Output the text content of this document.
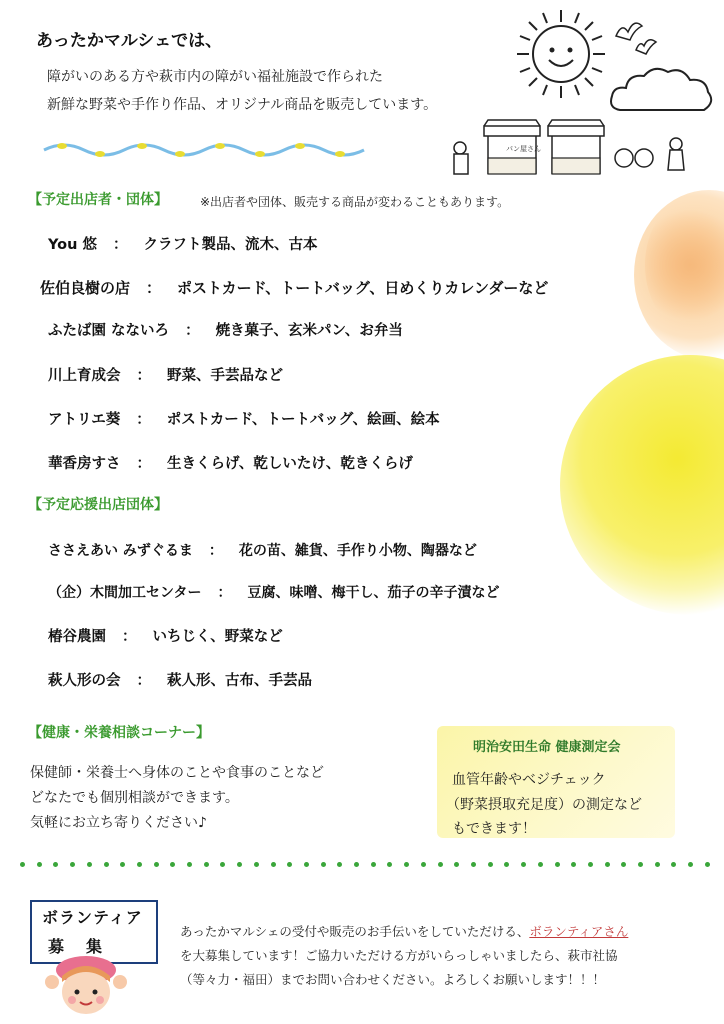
あったかマルシェでは、
障がいのある方や萩市内の障がい福祉施設で作られた
新鮮な野菜や手作り作品、オリジナル商品を販売しています。
パン屋さん
【予定出店者・団体】	※出店者や団体、販売する商品が変わることもあります。
You 悠 ： クラフト製品、流木、古本
佐伯良樹の店 ： ポストカード、トートバッグ、日めくりカレンダーなど
ふたば園 なないろ ： 焼き菓子、玄米パン、お弁当
川上育成会 ： 野菜、手芸品など
アトリエ葵 ： ポストカード、トートバッグ、絵画、絵本
華香房すさ ： 生きくらげ、乾しいたけ、乾きくらげ
【予定応援出店団体】
ささえあい みずぐるま ： 花の苗、雑貨、手作り小物、陶器など
（企）木間加工センター ： 豆腐、味噌、梅干し、茄子の辛子漬など
椿谷農園 ： いちじく、野菜など
萩人形の会 ： 萩人形、古布、手芸品
【健康・栄養相談コーナー】
保健師・栄養士へ身体のことや食事のことなど
どなたでも個別相談ができます。
気軽にお立ち寄りください♪
明治安田生命 健康測定会
血管年齢やベジチェック
（野菜摂取充足度）の測定など
もできます！
ボランティア
募集
あったかマルシェの受付や販売のお手伝いをしていただける、ボランティアさん
を大募集しています！ご協力いただける方がいらっしゃいましたら、萩市社協
（等々力・福田）までお問い合わせください。よろしくお願いします！！！
